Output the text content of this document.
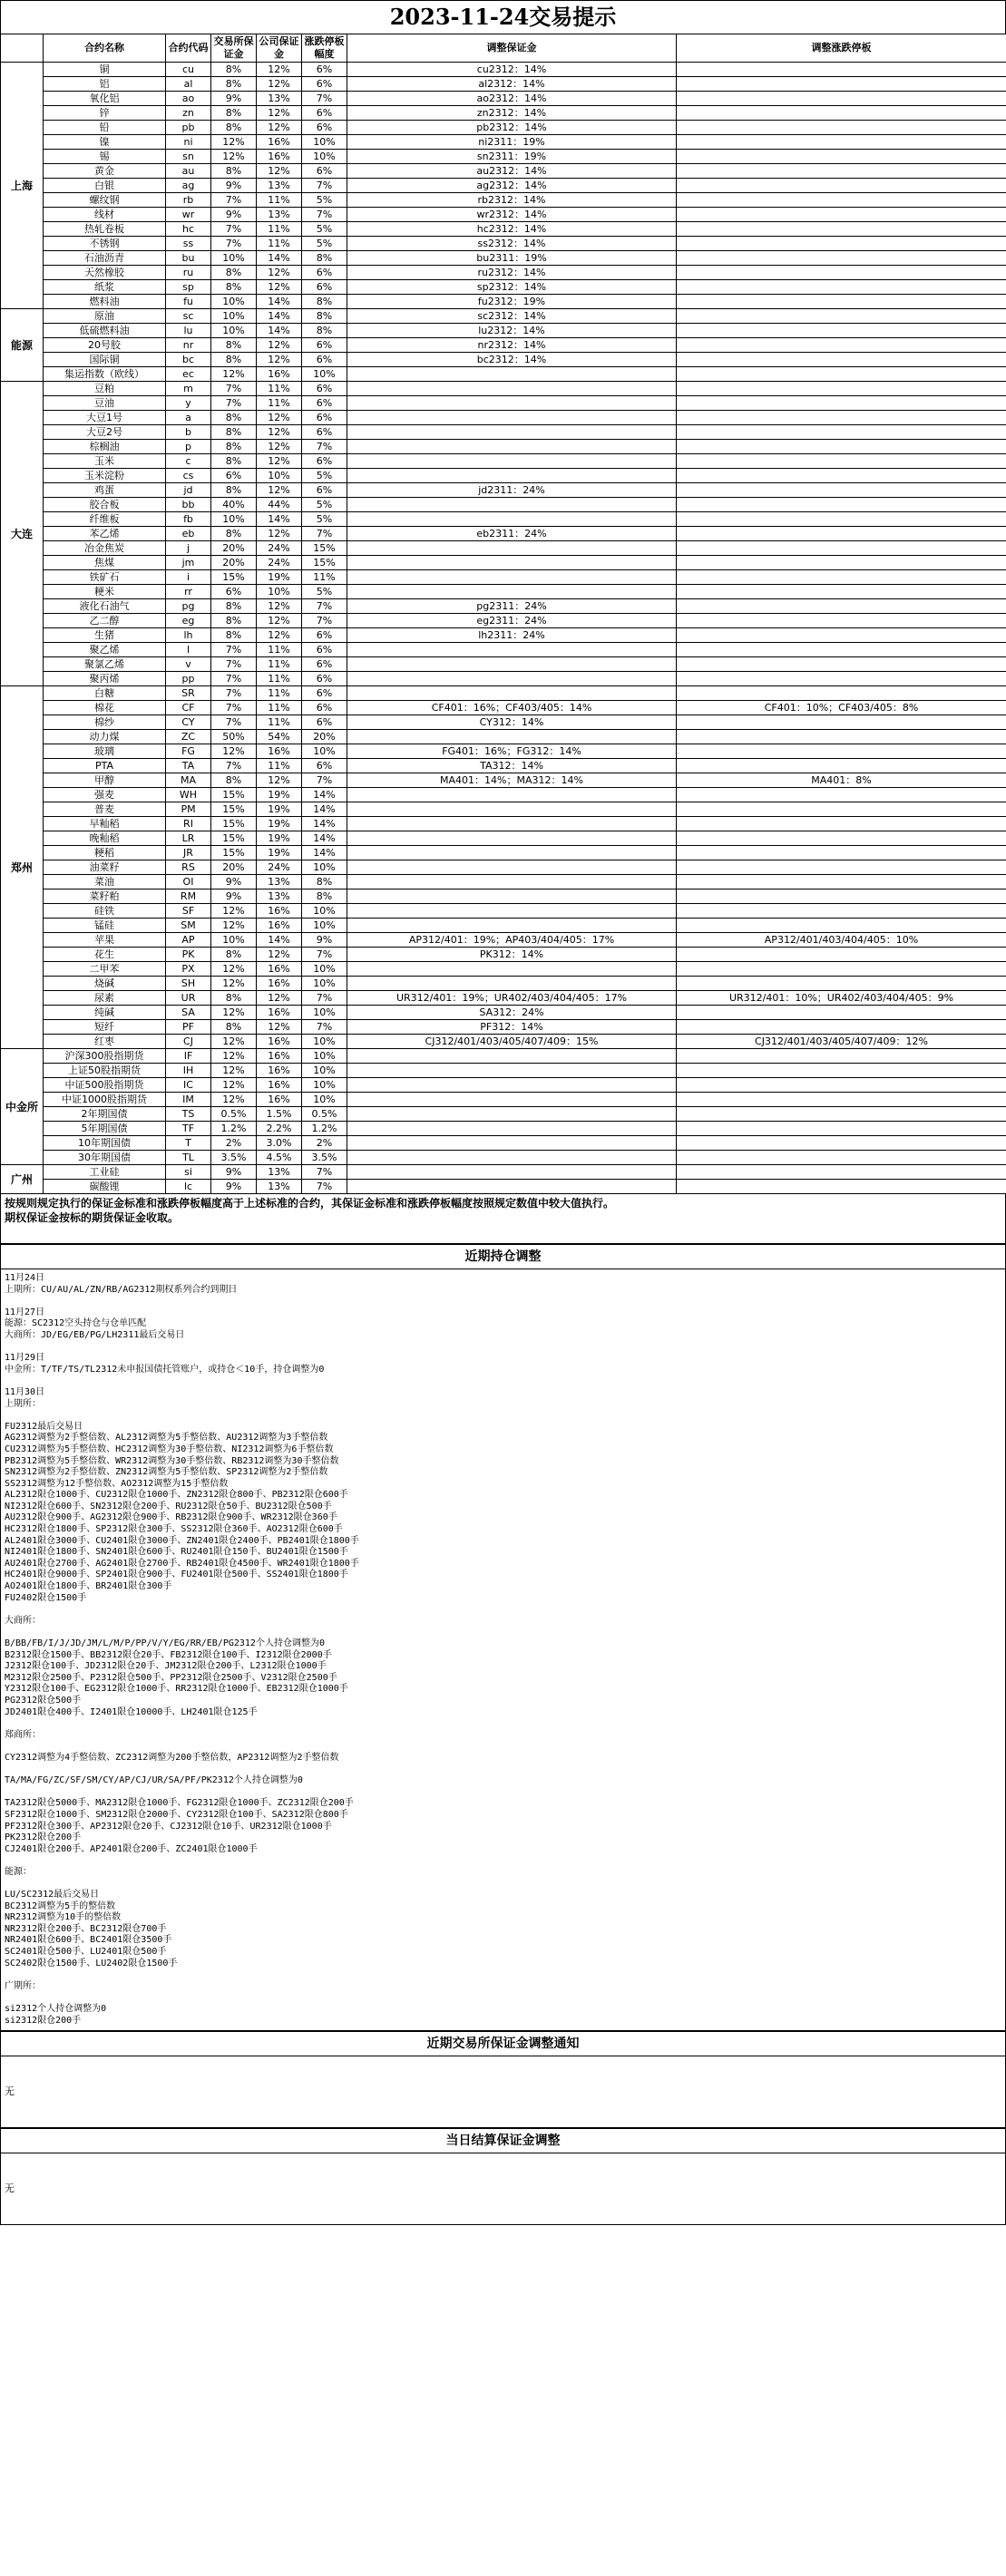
2023-11-24交易提示
	合约名称	合约代码	交易所保证金	公司保证金	涨跌停板幅度	调整保证金	调整涨跌停板
上海	铜	cu	8%	12%	6%	cu2312：14%	
	铝	al	8%	12%	6%	al2312：14%	
	氧化铝	ao	9%	13%	7%	ao2312：14%	
	锌	zn	8%	12%	6%	zn2312：14%	
	铅	pb	8%	12%	6%	pb2312：14%	
	镍	ni	12%	16%	10%	ni2311：19%	
	锡	sn	12%	16%	10%	sn2311：19%	
	黄金	au	8%	12%	6%	au2312：14%	
	白银	ag	9%	13%	7%	ag2312：14%	
	螺纹钢	rb	7%	11%	5%	rb2312：14%	
	线材	wr	9%	13%	7%	wr2312：14%	
	热轧卷板	hc	7%	11%	5%	hc2312：14%	
	不锈钢	ss	7%	11%	5%	ss2312：14%	
	石油沥青	bu	10%	14%	8%	bu2311：19%	
	天然橡胶	ru	8%	12%	6%	ru2312：14%	
	纸浆	sp	8%	12%	6%	sp2312：14%	
	燃料油	fu	10%	14%	8%	fu2312：19%	
能源	原油	sc	10%	14%	8%	sc2312：14%	
	低硫燃料油	lu	10%	14%	8%	lu2312：14%	
	20号胶	nr	8%	12%	6%	nr2312：14%	
	国际铜	bc	8%	12%	6%	bc2312：14%	
	集运指数（欧线）	ec	12%	16%	10%		
大连	豆粕	m	7%	11%	6%		
	豆油	y	7%	11%	6%		
	大豆1号	a	8%	12%	6%		
	大豆2号	b	8%	12%	6%		
	棕榈油	p	8%	12%	7%		
	玉米	c	8%	12%	6%		
	玉米淀粉	cs	6%	10%	5%		
	鸡蛋	jd	8%	12%	6%	jd2311：24%	
	胶合板	bb	40%	44%	5%		
	纤维板	fb	10%	14%	5%		
	苯乙烯	eb	8%	12%	7%	eb2311：24%	
	冶金焦炭	j	20%	24%	15%		
	焦煤	jm	20%	24%	15%		
	铁矿石	i	15%	19%	11%		
	粳米	rr	6%	10%	5%		
	液化石油气	pg	8%	12%	7%	pg2311：24%	
	乙二醇	eg	8%	12%	7%	eg2311：24%	
	生猪	lh	8%	12%	6%	lh2311：24%	
	聚乙烯	l	7%	11%	6%		
	聚氯乙烯	v	7%	11%	6%		
	聚丙烯	pp	7%	11%	6%		
郑州	白糖	SR	7%	11%	6%		
	棉花	CF	7%	11%	6%	CF401：16%；CF403/405：14%	CF401：10%；CF403/405：8%
	棉纱	CY	7%	11%	6%	CY312：14%	
	动力煤	ZC	50%	54%	20%		
	玻璃	FG	12%	16%	10%	FG401：16%；FG312：14%	
	PTA	TA	7%	11%	6%	TA312：14%	
	甲醇	MA	8%	12%	7%	MA401：14%；MA312：14%	MA401：8%
	强麦	WH	15%	19%	14%		
	普麦	PM	15%	19%	14%		
	早籼稻	RI	15%	19%	14%		
	晚籼稻	LR	15%	19%	14%		
	粳稻	JR	15%	19%	14%		
	油菜籽	RS	20%	24%	10%		
	菜油	OI	9%	13%	8%		
	菜籽粕	RM	9%	13%	8%		
	硅铁	SF	12%	16%	10%		
	锰硅	SM	12%	16%	10%		
	苹果	AP	10%	14%	9%	AP312/401：19%；AP403/404/405：17%	AP312/401/403/404/405：10%
	花生	PK	8%	12%	7%	PK312：14%	
	二甲苯	PX	12%	16%	10%		
	烧碱	SH	12%	16%	10%		
	尿素	UR	8%	12%	7%	UR312/401：19%；UR402/403/404/405：17%	UR312/401：10%；UR402/403/404/405：9%
	纯碱	SA	12%	16%	10%	SA312：24%	
	短纤	PF	8%	12%	7%	PF312：14%	
	红枣	CJ	12%	16%	10%	CJ312/401/403/405/407/409：15%	CJ312/401/403/405/407/409：12%
中金所	沪深300股指期货	IF	12%	16%	10%		
	上证50股指期货	IH	12%	16%	10%		
	中证500股指期货	IC	12%	16%	10%		
	中证1000股指期货	IM	12%	16%	10%		
	2年期国债	TS	0.5%	1.5%	0.5%		
	5年期国债	TF	1.2%	2.2%	1.2%		
	10年期国债	T	2%	3.0%	2%		
	30年期国债	TL	3.5%	4.5%	3.5%		
广州	工业硅	si	9%	13%	7%		
	碳酸锂	lc	9%	13%	7%		
按规则规定执行的保证金标准和涨跌停板幅度高于上述标准的合约，其保证金标准和涨跌停板幅度按照规定数值中较大值执行。
期权保证金按标的期货保证金收取。
近期持仓调整
11月24日
上期所：CU/AU/AL/ZN/RB/AG2312期权系列合约到期日
11月27日
能源：SC2312空头持仓与仓单匹配
大商所：JD/EG/EB/PG/LH2311最后交易日
11月29日
中金所：T/TF/TS/TL2312未申报国债托管账户，或持仓＜10手，持仓调整为0
11月30日
上期所：
FU2312最后交易日
AG2312调整为2手整倍数、AL2312调整为5手整倍数、AU2312调整为3手整倍数
CU2312调整为5手整倍数、HC2312调整为30手整倍数、NI2312调整为6手整倍数
PB2312调整为5手整倍数、WR2312调整为30手整倍数、RB2312调整为30手整倍数
SN2312调整为2手整倍数、ZN2312调整为5手整倍数、SP2312调整为2手整倍数
SS2312调整为12手整倍数、AO2312调整为15手整倍数
AL2312限仓1000手、CU2312限仓1000手、ZN2312限仓800手、PB2312限仓600手
NI2312限仓600手、SN2312限仓200手、RU2312限仓50手、BU2312限仓500手
AU2312限仓900手、AG2312限仓900手、RB2312限仓900手、WR2312限仓360手
HC2312限仓1800手、SP2312限仓300手、SS2312限仓360手、AO2312限仓600手
AL2401限仓3000手、CU2401限仓3000手、ZN2401限仓2400手、PB2401限仓1800手
NI2401限仓1800手、SN2401限仓600手、RU2401限仓150手、BU2401限仓1500手
AU2401限仓2700手、AG2401限仓2700手、RB2401限仓4500手、WR2401限仓1800手
HC2401限仓9000手、SP2401限仓900手、FU2401限仓500手、SS2401限仓1800手
AO2401限仓1800手、BR2401限仓300手
FU2402限仓1500手
大商所：
B/BB/FB/I/J/JD/JM/L/M/P/PP/V/Y/EG/RR/EB/PG2312个人持仓调整为0
B2312限仓1500手、BB2312限仓20手、FB2312限仓100手、I2312限仓2000手
J2312限仓100手、JD2312限仓20手、JM2312限仓200手、L2312限仓1000手
M2312限仓2500手、P2312限仓500手、PP2312限仓2500手、V2312限仓2500手
Y2312限仓100手、EG2312限仓1000手、RR2312限仓1000手、EB2312限仓1000手
PG2312限仓500手
JD2401限仓400手、I2401限仓10000手、LH2401限仓125手
郑商所：
CY2312调整为4手整倍数、ZC2312调整为200手整倍数，AP2312调整为2手整倍数
TA/MA/FG/ZC/SF/SM/CY/AP/CJ/UR/SA/PF/PK2312个人持仓调整为0
TA2312限仓5000手、MA2312限仓1000手、FG2312限仓1000手、ZC2312限仓200手
SF2312限仓1000手、SM2312限仓2000手、CY2312限仓100手、SA2312限仓800手
PF2312限仓300手、AP2312限仓20手、CJ2312限仓10手、UR2312限仓1000手
PK2312限仓200手
CJ2401限仓200手、AP2401限仓200手、ZC2401限仓1000手
能源：
LU/SC2312最后交易日
BC2312调整为5手的整倍数
NR2312调整为10手的整倍数
NR2312限仓200手、BC2312限仓700手
NR2401限仓600手、BC2401限仓3500手
SC2401限仓500手、LU2401限仓500手
SC2402限仓1500手、LU2402限仓1500手
广期所：
si2312个人持仓调整为0
si2312限仓200手
近期交易所保证金调整通知
无
当日结算保证金调整
无
